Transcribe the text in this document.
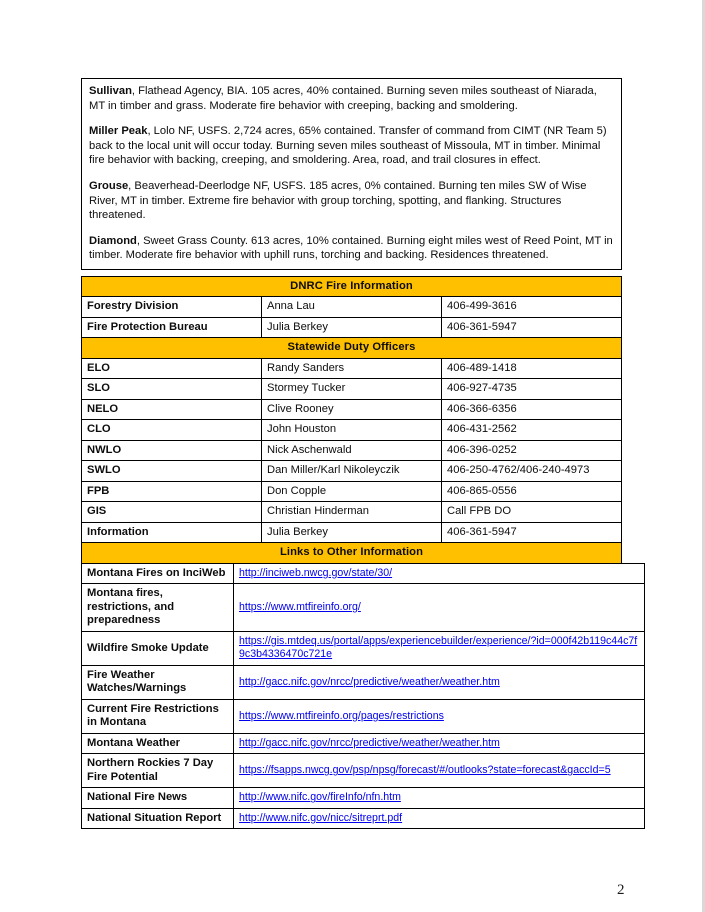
Sullivan, Flathead Agency, BIA. 105 acres, 40% contained. Burning seven miles southeast of Niarada, MT in timber and grass. Moderate fire behavior with creeping, backing and smoldering.

Miller Peak, Lolo NF, USFS. 2,724 acres, 65% contained. Transfer of command from CIMT (NR Team 5) back to the local unit will occur today. Burning seven miles southeast of Missoula, MT in timber. Minimal fire behavior with backing, creeping, and smoldering. Area, road, and trail closures in effect.

Grouse, Beaverhead-Deerlodge NF, USFS. 185 acres, 0% contained. Burning ten miles SW of Wise River, MT in timber. Extreme fire behavior with group torching, spotting, and flanking. Structures threatened.

Diamond, Sweet Grass County. 613 acres, 10% contained. Burning eight miles west of Reed Point, MT in timber. Moderate fire behavior with uphill runs, torching and backing. Residences threatened.

DNRC Fire Information		
Forestry Division	Anna Lau	406-499-3616
Fire Protection Bureau	Julia Berkey	406-361-5947
Statewide Duty Officers		
ELO	Randy Sanders	406-489-1418
SLO	Stormey Tucker	406-927-4735
NELO	Clive Rooney	406-366-6356
CLO	John Houston	406-431-2562
NWLO	Nick Aschenwald	406-396-0252
SWLO	Dan Miller/Karl Nikoleyczik	406-250-4762/406-240-4973
FPB	Don Copple	406-865-0556
GIS	Christian Hinderman	Call FPB DO
Information	Julia Berkey	406-361-5947
Links to Other Information		
Montana Fires on InciWeb	http://inciweb.nwcg.gov/state/30/
Montana fires, restrictions, and preparedness	https://www.mtfireinfo.org/
Wildfire Smoke Update	https://gis.mtdeq.us/portal/apps/experiencebuilder/experience/?id=000f42b119c44c7f9c3b4336470c721e
Fire Weather Watches/Warnings	http://gacc.nifc.gov/nrcc/predictive/weather/weather.htm
Current Fire Restrictions in Montana	https://www.mtfireinfo.org/pages/restrictions
Montana Weather	http://gacc.nifc.gov/nrcc/predictive/weather/weather.htm
Northern Rockies 7 Day Fire Potential	https://fsapps.nwcg.gov/psp/npsg/forecast/#/outlooks?state=forecast&gaccId=5
National Fire News	http://www.nifc.gov/fireInfo/nfn.htm
National Situation Report	http://www.nifc.gov/nicc/sitreprt.pdf
2
